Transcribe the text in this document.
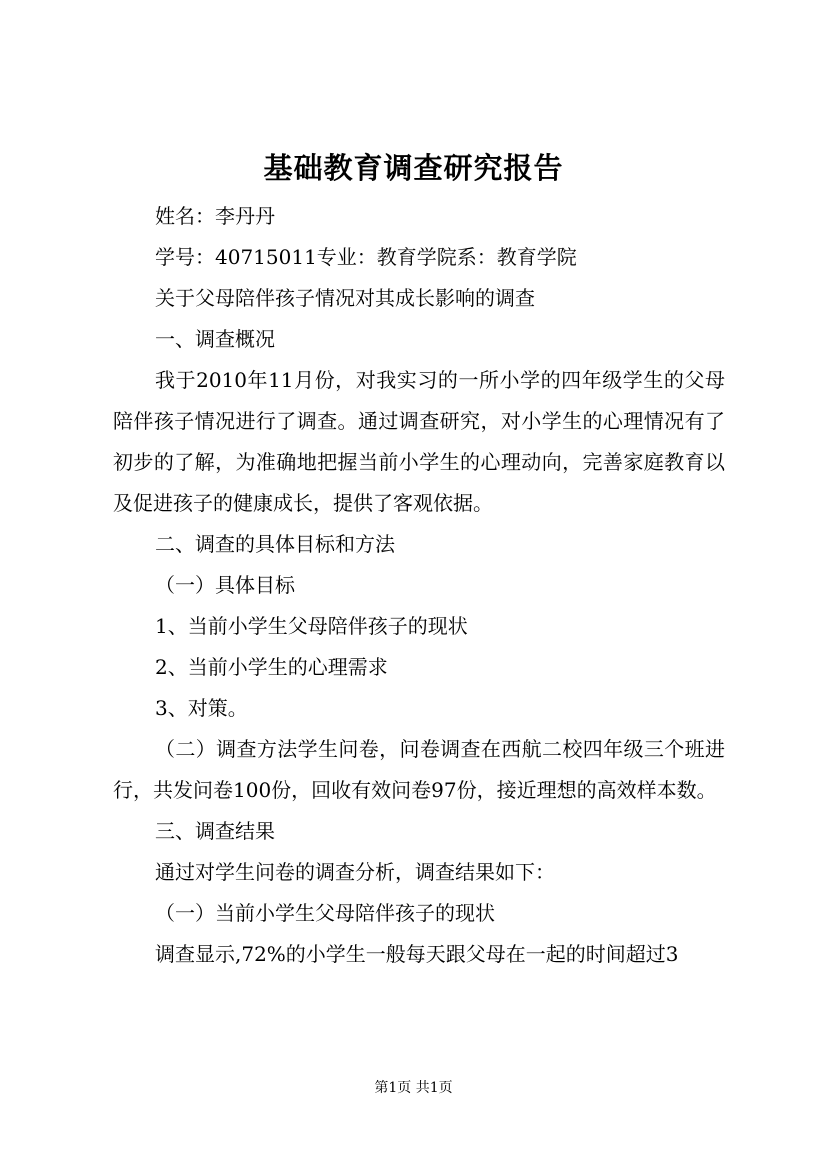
基础教育调查研究报告

姓名：李丹丹

学号：40715011专业：教育学院系：教育学院

关于父母陪伴孩子情况对其成长影响的调查

一、调查概况

我于2010年11月份，对我实习的一所小学的四年级学生的父母陪伴孩子情况进行了调查。通过调查研究，对小学生的心理情况有了初步的了解，为准确地把握当前小学生的心理动向，完善家庭教育以及促进孩子的健康成长，提供了客观依据。

二、调查的具体目标和方法

（一）具体目标

1、当前小学生父母陪伴孩子的现状

2、当前小学生的心理需求

3、对策。

（二）调查方法学生问卷，问卷调查在西航二校四年级三个班进行，共发问卷100份，回收有效问卷97份，接近理想的高效样本数。

三、调查结果

通过对学生问卷的调查分析，调查结果如下：

（一）当前小学生父母陪伴孩子的现状

调查显示,72%的小学生一般每天跟父母在一起的时间超过3

第1页 共1页
